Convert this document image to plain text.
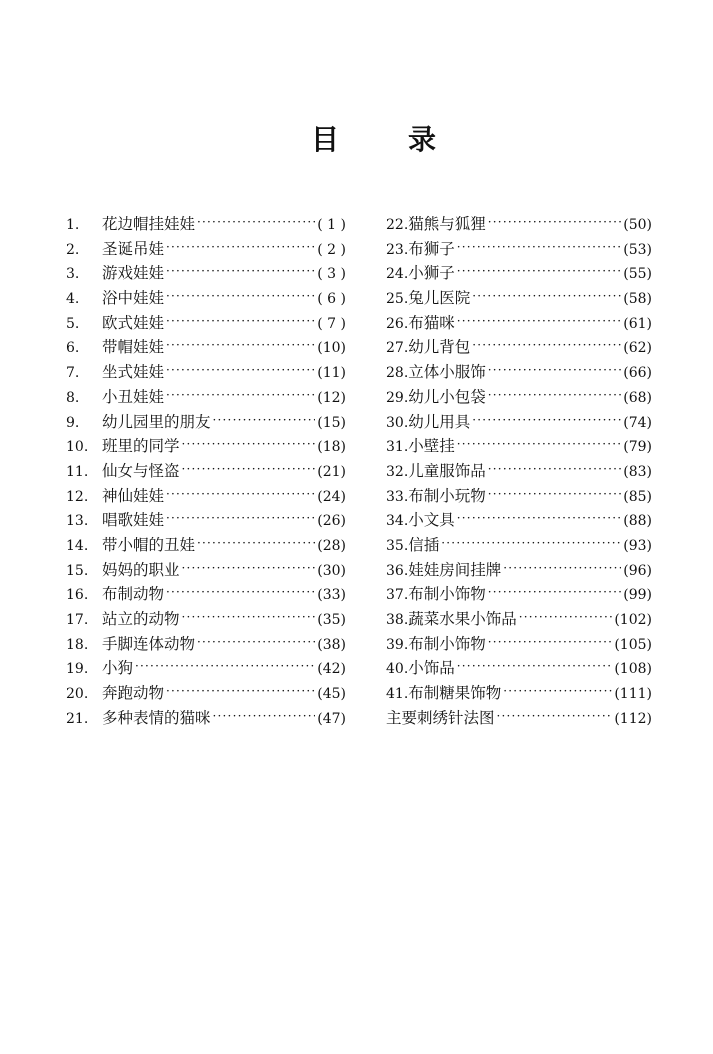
目 录
1.	花边帽挂娃娃 ·····	( 1 )
2.	圣诞吊娃 ·····	( 2 )
3.	游戏娃娃 ·····	( 3 )
4.	浴中娃娃 ·····	( 6 )
5.	欧式娃娃 ·····	( 7 )
6.	带帽娃娃 ·····	(10)
7.	坐式娃娃 ·····	(11)
8.	小丑娃娃 ·····	(12)
9.	幼儿园里的朋友 ·····	(15)
10. 班里的同学 ·····	(18)
11. 仙女与怪盗 ·····	(21)
12. 神仙娃娃 ·····	(24)
13. 唱歌娃娃 ·····	(26)
14. 带小帽的丑娃 ·····	(28)
15. 妈妈的职业 ·····	(30)
16. 布制动物 ·····	(33)
17. 站立的动物 ·····	(35)
18. 手脚连体动物 ·····	(38)
19. 小狗 ·····	(42)
20. 奔跑动物 ·····	(45)
21. 多种表情的猫咪 ·····	(47)
22. 猫熊与狐狸 ·····	(50)
23. 布狮子 ·····	(53)
24. 小狮子 ·····	(55)
25. 兔儿医院 ·····	(58)
26. 布猫咪 ·····	(61)
27. 幼儿背包 ·····	(62)
28. 立体小服饰 ·····	(66)
29. 幼儿小包袋 ·····	(68)
30. 幼儿用具 ·····	(74)
31. 小壁挂 ·····	(79)
32. 儿童服饰品 ·····	(83)
33. 布制小玩物 ·····	(85)
34. 小文具 ·····	(88)
35. 信插 ·····	(93)
36. 娃娃房间挂牌 ·····	(96)
37. 布制小饰物 ·····	(99)
38. 蔬菜水果小饰品 ·····	(102)
39. 布制小饰物 ·····	(105)
40. 小饰品 ·····	(108)
41. 布制糖果饰物 ·····	(111)
主要刺绣针法图 ·····	(112)
